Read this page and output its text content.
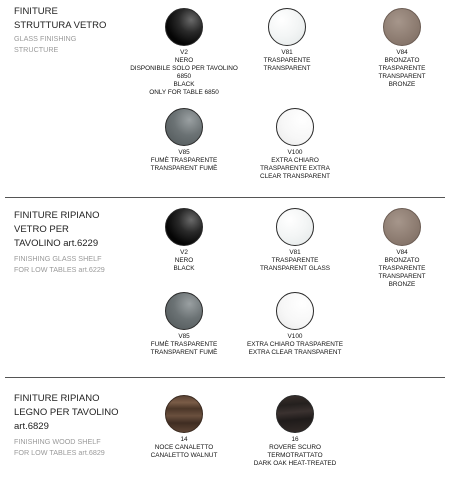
FINITURE
STRUTTURA VETRO
GLASS FINISHING
STRUCTURE	V2
NERO
DISPONIBILE SOLO PER TAVOLINO
6850
BLACK
ONLY FOR TABLE 6850
V81
TRASPARENTE
TRANSPARENT
V84
BRONZATO
TRASPARENTE
TRANSPARENT
BRONZE
V85
FUMÈ TRASPARENTE
TRANSPARENT FUMÈ
V100
EXTRA CHIARO
TRASPARENTE EXTRA
CLEAR TRANSPARENT
FINITURE RIPIANO
VETRO PER
TAVOLINO art.6229
FINISHING GLASS SHELF
FOR LOW TABLES art.6229
V2
NERO
BLACK
V81
TRASPARENTE
TRANSPARENT GLASS
V84
BRONZATO
TRASPARENTE
TRANSPARENT
BRONZE
V85
FUMÈ TRASPARENTE
TRANSPARENT FUMÈ
V100
EXTRA CHIARO TRASPARENTE
EXTRA CLEAR TRANSPARENT
FINITURE RIPIANO
LEGNO PER TAVOLINO
art.6829
FINISHING WOOD SHELF
FOR LOW TABLES art.6829
14
NOCE CANALETTO
CANALETTO WALNUT
16
ROVERE SCURO
TERMOTRATTATO
DARK OAK HEAT-TREATED
